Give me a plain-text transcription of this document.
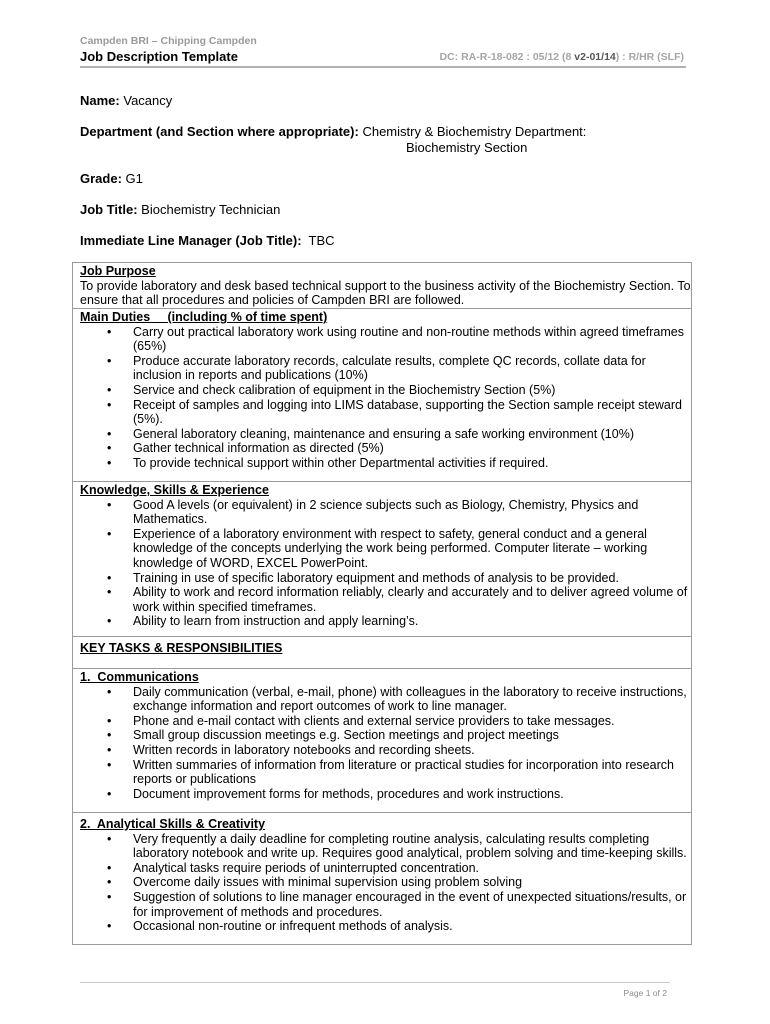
Campden BRI – Chipping Campden
Job Description Template	DC: RA-R-18-082 : 05/12 (8 v2-01/14) : R/HR (SLF)

Name: Vacancy

Department (and Section where appropriate): Chemistry & Biochemistry Department:
Biochemistry Section

Grade: G1

Job Title: Biochemistry Technician

Immediate Line Manager (Job Title): TBC

Job Purpose
To provide laboratory and desk based technical support to the business activity of the Biochemistry Section. To ensure that all procedures and policies of Campden BRI are followed.
Main Duties     (including % of time spent)
• Carry out practical laboratory work using routine and non-routine methods within agreed timeframes (65%)
• Produce accurate laboratory records, calculate results, complete QC records, collate data for inclusion in reports and publications (10%)
• Service and check calibration of equipment in the Biochemistry Section (5%)
• Receipt of samples and logging into LIMS database, supporting the Section sample receipt steward (5%).
• General laboratory cleaning, maintenance and ensuring a safe working environment (10%)
• Gather technical information as directed (5%)
• To provide technical support within other Departmental activities if required.
Knowledge, Skills & Experience
• Good A levels (or equivalent) in 2 science subjects such as Biology, Chemistry, Physics and Mathematics.
• Experience of a laboratory environment with respect to safety, general conduct and a general knowledge of the concepts underlying the work being performed. Computer literate – working knowledge of WORD, EXCEL PowerPoint.
• Training in use of specific laboratory equipment and methods of analysis to be provided.
• Ability to work and record information reliably, clearly and accurately and to deliver agreed volume of work within specified timeframes.
• Ability to learn from instruction and apply learning’s.
KEY TASKS & RESPONSIBILITIES
1.  Communications
• Daily communication (verbal, e-mail, phone) with colleagues in the laboratory to receive instructions, exchange information and report outcomes of work to line manager.
• Phone and e-mail contact with clients and external service providers to take messages.
• Small group discussion meetings e.g. Section meetings and project meetings
• Written records in laboratory notebooks and recording sheets.
• Written summaries of information from literature or practical studies for incorporation into research reports or publications
• Document improvement forms for methods, procedures and work instructions.
2.  Analytical Skills & Creativity
• Very frequently a daily deadline for completing routine analysis, calculating results completing laboratory notebook and write up. Requires good analytical, problem solving and time-keeping skills.
• Analytical tasks require periods of uninterrupted concentration.
• Overcome daily issues with minimal supervision using problem solving
• Suggestion of solutions to line manager encouraged in the event of unexpected situations/results, or for improvement of methods and procedures.
• Occasional non-routine or infrequent methods of analysis.
Page 1 of 2
